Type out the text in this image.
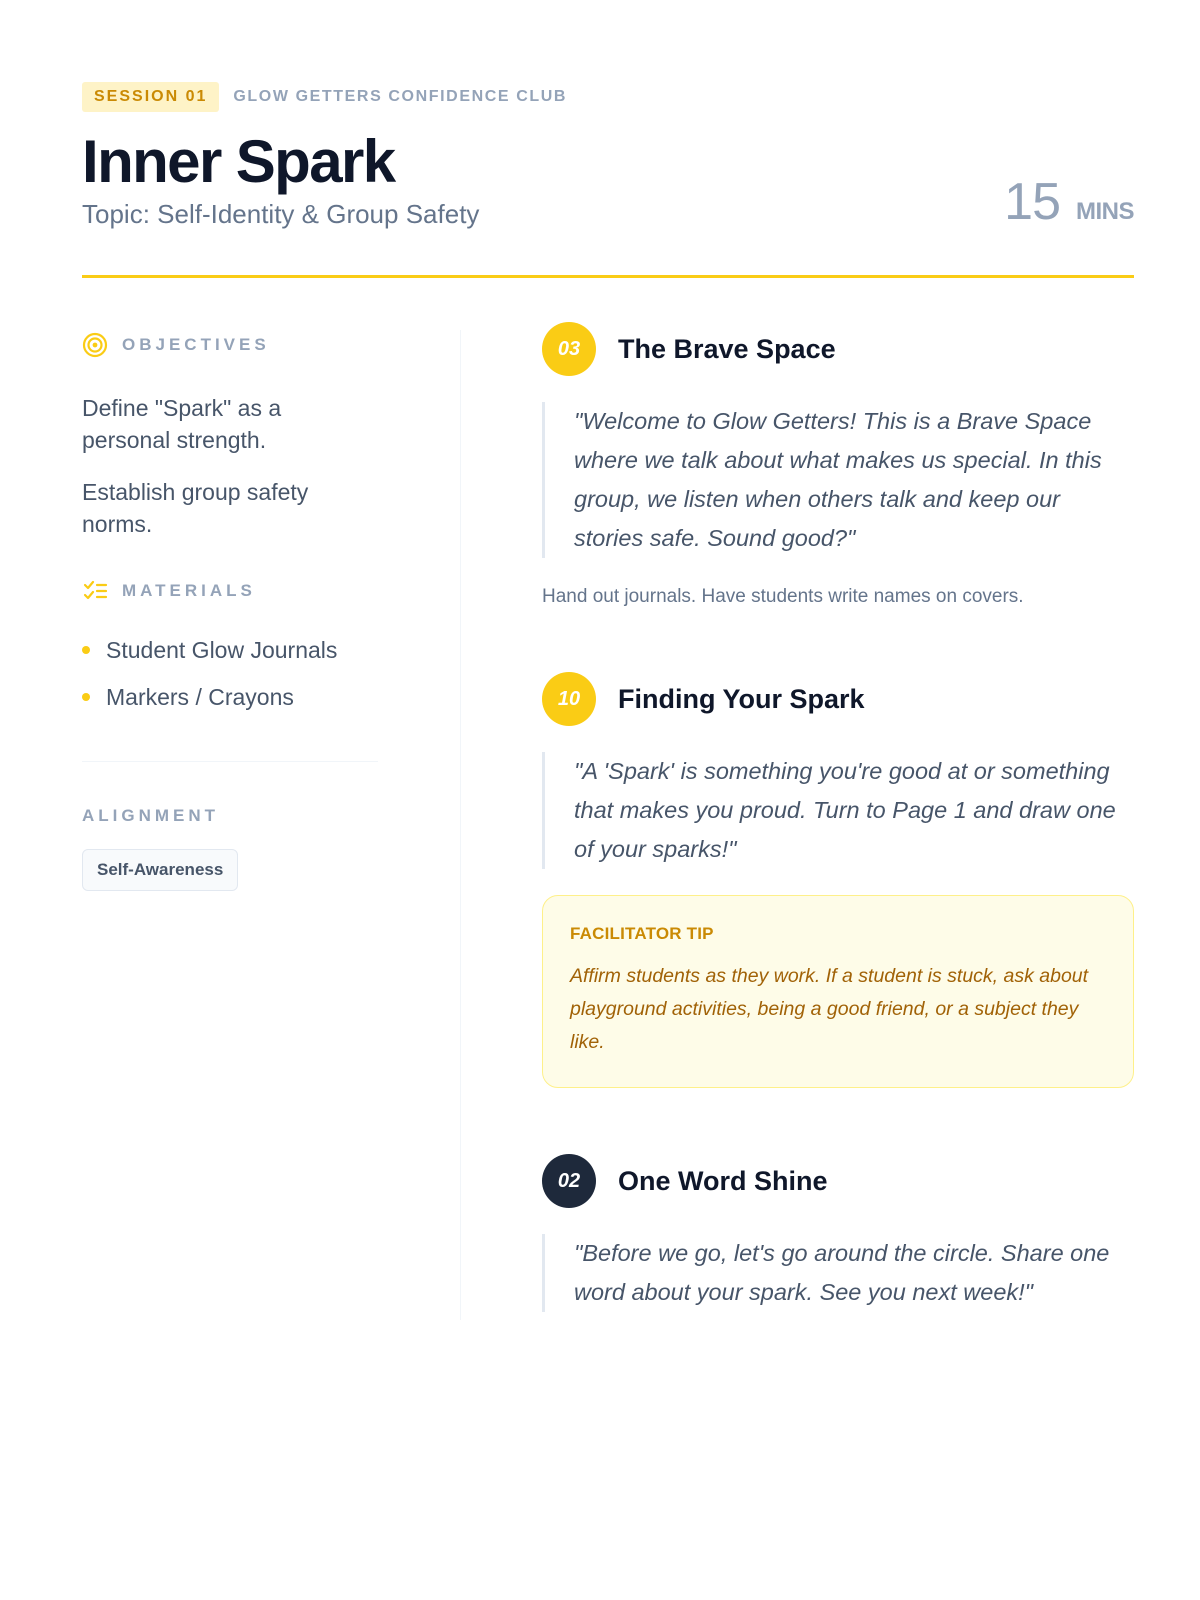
SESSION 01	GLOW GETTERS CONFIDENCE CLUB
Inner Spark
Topic: Self-Identity & Group Safety	15 MINS
OBJECTIVES

Define "Spark" as a personal strength.

Establish group safety norms.

MATERIALS
Student Glow Journals
Markers / Crayons
ALIGNMENT
Self-Awareness
03	The Brave Space
"Welcome to Glow Getters! This is a Brave Space where we talk about what makes us special. In this group, we listen when others talk and keep our stories safe. Sound good?"

Hand out journals. Have students write names on covers.

10	Finding Your Spark
"A 'Spark' is something you're good at or something that makes you proud. Turn to Page 1 and draw one of your sparks!"
FACILITATOR TIP

Affirm students as they work. If a student is stuck, ask about playground activities, being a good friend, or a subject they like.

02	One Word Shine
"Before we go, let's go around the circle. Share one word about your spark. See you next week!"
